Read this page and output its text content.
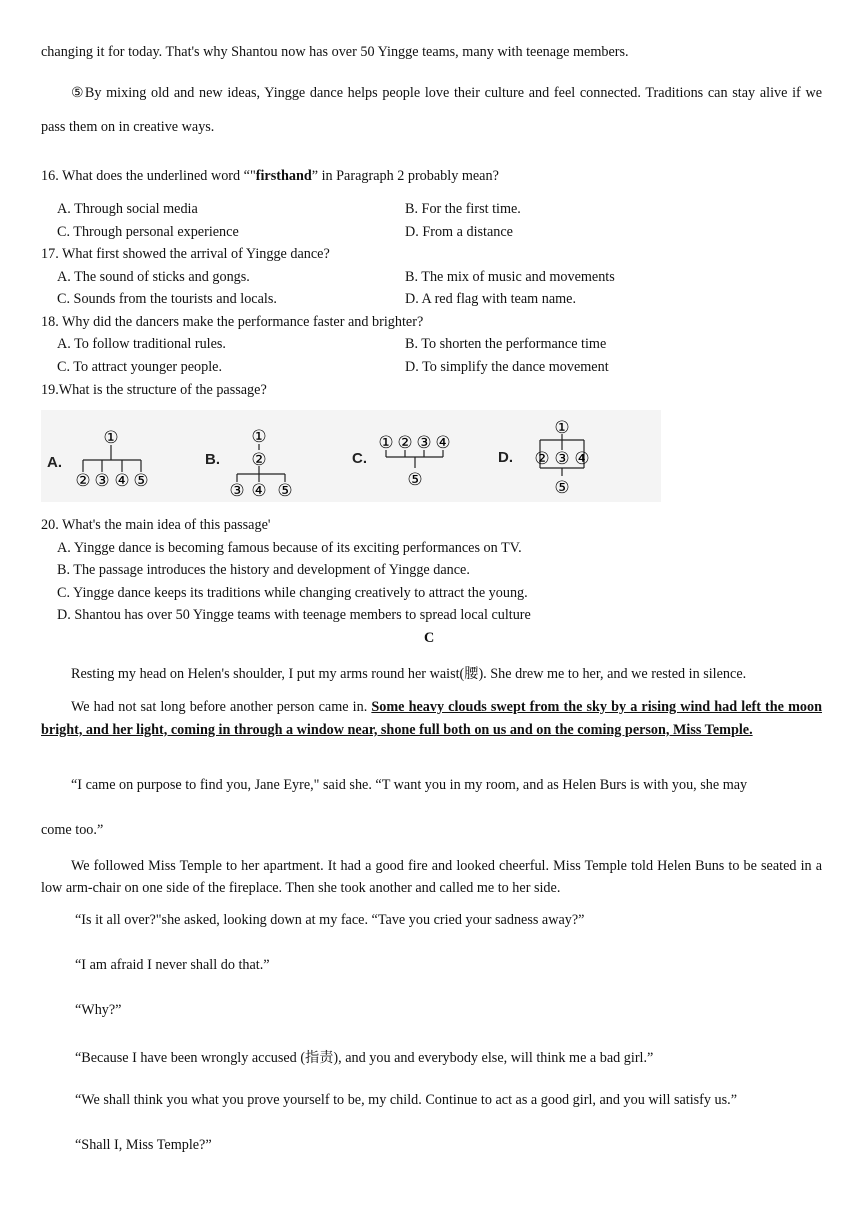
changing it for today. That's why Shantou now has over 50 Yingge teams, many with teenage members.
⑤By mixing old and new ideas, Yingge dance helps people love their culture and feel connected. Traditions can stay alive if we pass them on in creative ways.
16. What does the underlined word “"firsthand” in Paragraph 2 probably mean?
A. Through social media	B. For the first time.
C. Through personal experience	D. From a distance
17. What first showed the arrival of Yingge dance?
A. The sound of sticks and gongs.	B. The mix of music and movements
C. Sounds from the tourists and locals.	D. A red flag with team name.
18. Why did the dancers make the performance faster and brighter?
A. To follow traditional rules.	B. To shorten the performance time
C. To attract younger people.	D. To simplify the dance movement
19.What is the structure of the passage?
A.	B.	C.	D.
①
② ③ ④ ⑤
①
②
③ ④ ⑤
① ② ③ ④
⑤
①
② ③ ④
⑤
20. What's the main idea of this passage'
A. Yingge dance is becoming famous because of its exciting performances on TV.
B. The passage introduces the history and development of Yingge dance.
C. Yingge dance keeps its traditions while changing creatively to attract the young.
D. Shantou has over 50 Yingge teams with teenage members to spread local culture
C
Resting my head on Helen's shoulder, I put my arms round her waist(腰). She drew me to her, and we rested in silence.
We had not sat long before another person came in. Some heavy clouds swept from the sky by a rising wind had left the moon bright, and her light, coming in through a window near, shone full both on us and on the coming person, Miss Temple.
“I came on purpose to find you, Jane Eyre," said she. “T want you in my room, and as Helen Burs is with you, she may
come too.”
We followed Miss Temple to her apartment. It had a good fire and looked cheerful. Miss Temple told Helen Buns to be seated in a low arm-chair on one side of the fireplace. Then she took another and called me to her side.
“Is it all over?"she asked, looking down at my face. “Tave you cried your sadness away?”
“I am afraid I never shall do that.”
“Why?”
“Because I have been wrongly accused (指责), and you and everybody else, will think me a bad girl.”
“We shall think you what you prove yourself to be, my child. Continue to act as a good girl, and you will satisfy us.”
“Shall I, Miss Temple?”
